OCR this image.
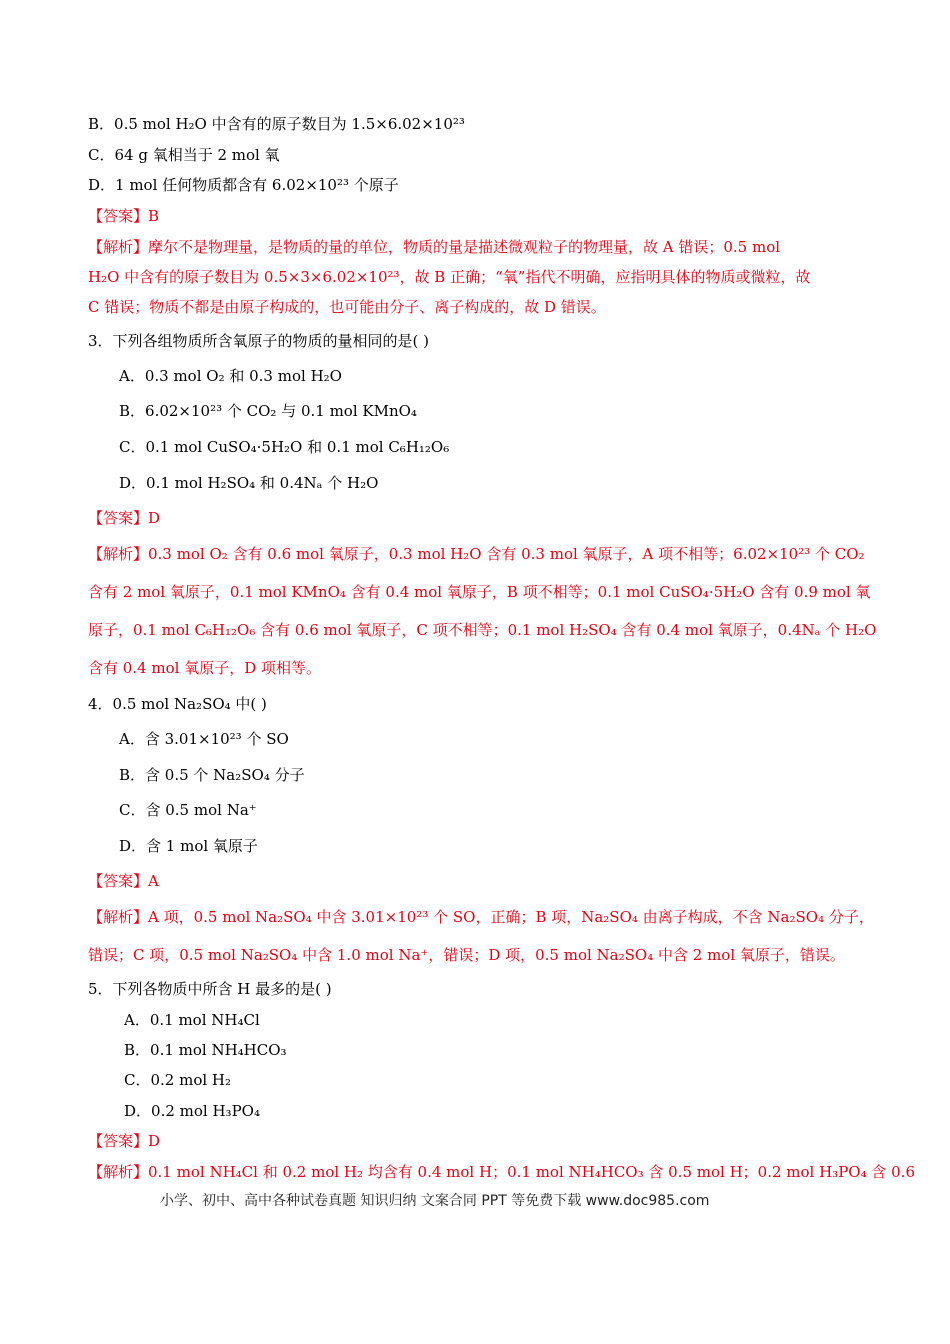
B．0.5 mol H₂O 中含有的原子数目为 1.5×6.02×10²³
C．64 g 氧相当于 2 mol 氧
D．1 mol 任何物质都含有 6.02×10²³ 个原子
【答案】B
【解析】摩尔不是物理量，是物质的量的单位，物质的量是描述微观粒子的物理量，故 A 错误；0.5 mol
H₂O 中含有的原子数目为 0.5×3×6.02×10²³，故 B 正确；“氧”指代不明确，应指明具体的物质或微粒，故
C 错误；物质不都是由原子构成的，也可能由分子、离子构成的，故 D 错误。
3．下列各组物质所含氧原子的物质的量相同的是( )
A．0.3 mol O₂ 和 0.3 mol H₂O
B．6.02×10²³ 个 CO₂ 与 0.1 mol KMnO₄
C．0.1 mol CuSO₄·5H₂O 和 0.1 mol C₆H₁₂O₆
D．0.1 mol H₂SO₄ 和 0.4Nₐ 个 H₂O
【答案】D
【解析】0.3 mol O₂ 含有 0.6 mol 氧原子，0.3 mol H₂O 含有 0.3 mol 氧原子，A 项不相等；6.02×10²³ 个 CO₂
含有 2 mol 氧原子，0.1 mol KMnO₄ 含有 0.4 mol 氧原子，B 项不相等；0.1 mol CuSO₄·5H₂O 含有 0.9 mol 氧
原子，0.1 mol C₆H₁₂O₆ 含有 0.6 mol 氧原子，C 项不相等；0.1 mol H₂SO₄ 含有 0.4 mol 氧原子，0.4Nₐ 个 H₂O
含有 0.4 mol 氧原子，D 项相等。
4．0.5 mol Na₂SO₄ 中( )
A．含 3.01×10²³ 个 SO
B．含 0.5 个 Na₂SO₄ 分子
C．含 0.5 mol Na⁺
D．含 1 mol 氧原子
【答案】A
【解析】A 项，0.5 mol Na₂SO₄ 中含 3.01×10²³ 个 SO，正确；B 项，Na₂SO₄ 由离子构成，不含 Na₂SO₄ 分子，
错误；C 项，0.5 mol Na₂SO₄ 中含 1.0 mol Na⁺，错误；D 项，0.5 mol Na₂SO₄ 中含 2 mol 氧原子，错误。
5．下列各物质中所含 H 最多的是( )
A．0.1 mol NH₄Cl
B．0.1 mol NH₄HCO₃
C．0.2 mol H₂
D．0.2 mol H₃PO₄
【答案】D
【解析】0.1 mol NH₄Cl 和 0.2 mol H₂ 均含有 0.4 mol H；0.1 mol NH₄HCO₃ 含 0.5 mol H；0.2 mol H₃PO₄ 含 0.6
小学、初中、高中各种试卷真题 知识归纳 文案合同 PPT 等免费下载 www.doc985.com
